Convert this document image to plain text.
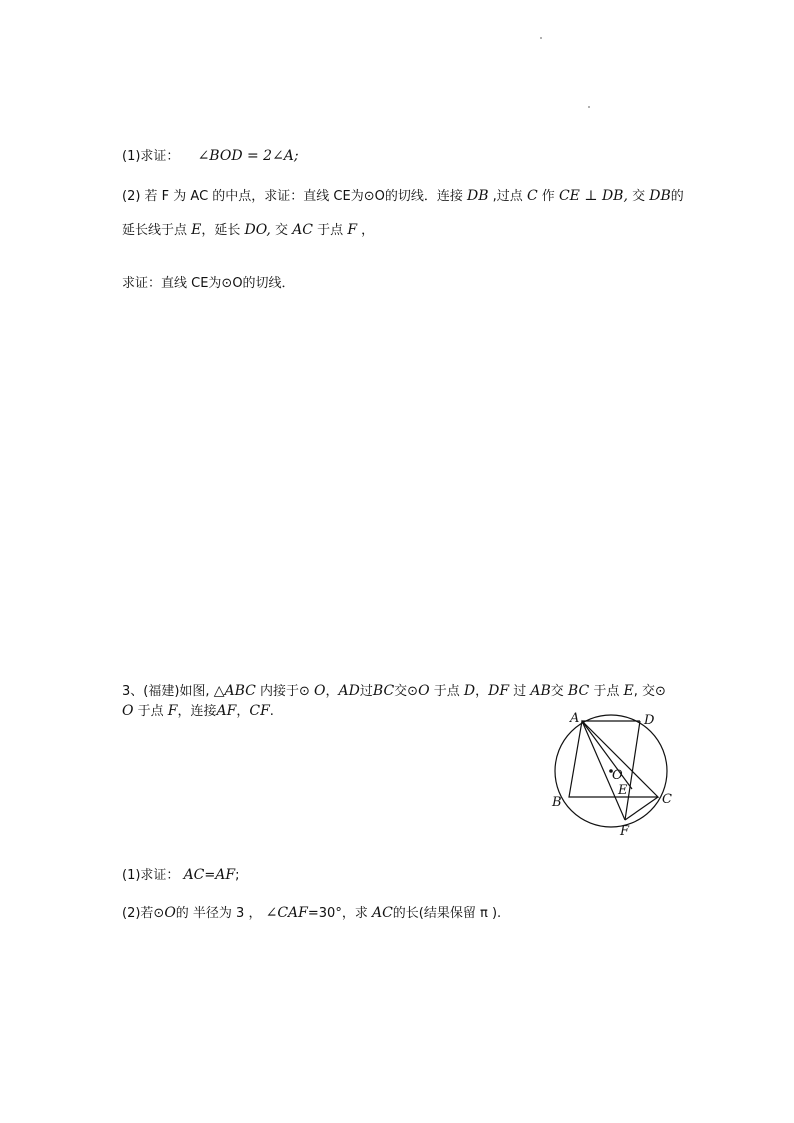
(1)求证： ∠BOD = 2∠A;
(2) 若 F 为 AC 的中点，求证：直线 CE为⊙O的切线．连接 DB ,过点 C 作 CE ⊥ DB, 交 DB的
延长线于点 E，延长 DO, 交 AC 于点 F ，
求证：直线 CE为⊙O的切线．
3、(福建)如图, △ABC 内接于⊙ O，AD过BC交⊙O 于点 D，DF 过 AB交 BC 于点 E, 交⊙
O 于点 F，连接AF，CF.	A	D
O
E
B	C
F
(1)求证： AC=AF;
(2)若⊙O的 半径为 3 ， ∠CAF=30°，求 AC的长(结果保留 π ).
